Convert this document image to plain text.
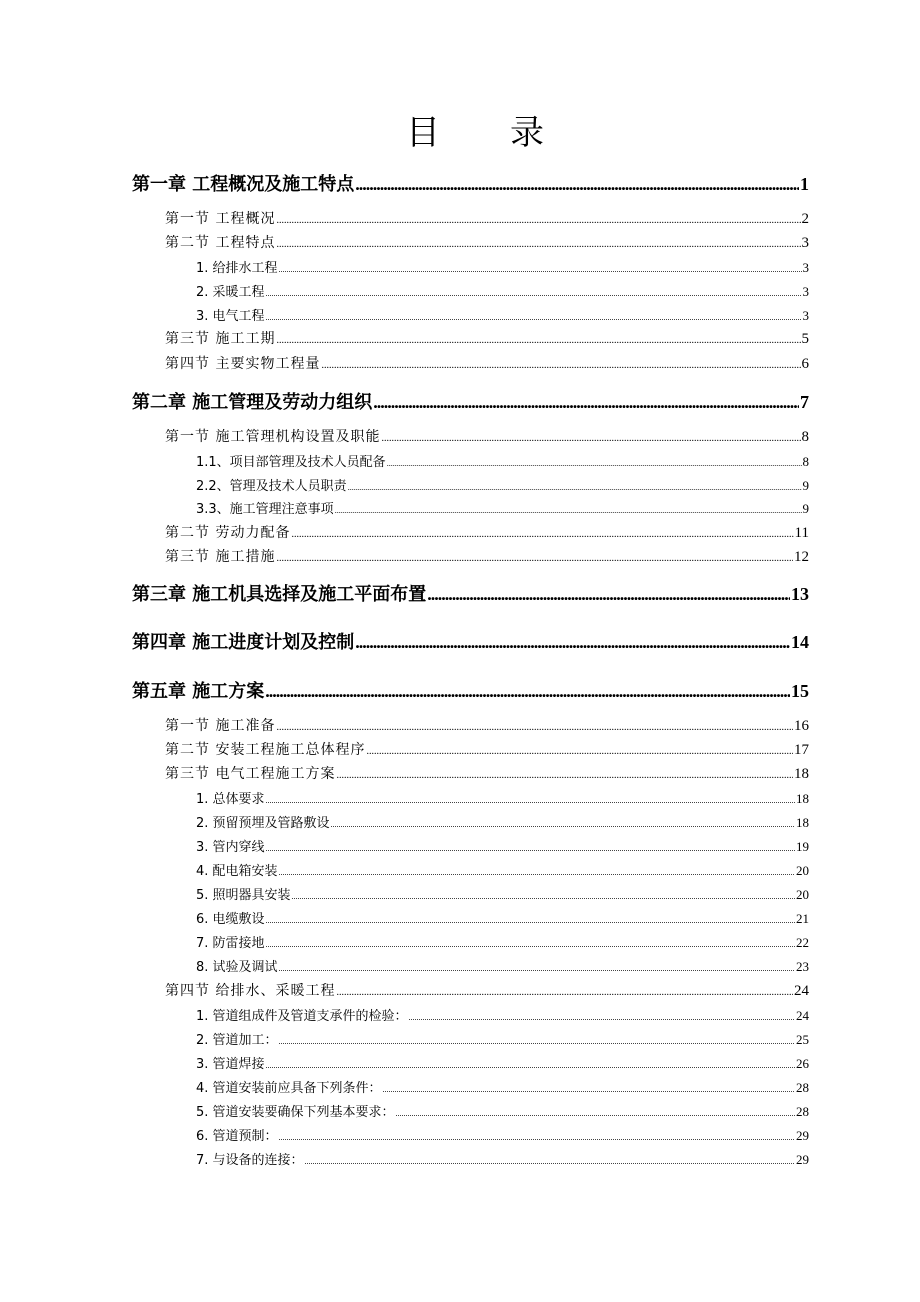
目录
第一章 工程概况及施工特点 .....	1
第一节 工程概况 .....	2
第二节 工程特点 .....	3
1. 给排水工程 .....	3
2. 采暖工程 .....	3
3. 电气工程 .....	3
第三节 施工工期 .....	5
第四节 主要实物工程量 .....	6
第二章 施工管理及劳动力组织 .....	7
第一节 施工管理机构设置及职能 .....	8
1.1、项目部管理及技术人员配备 .....	8
2.2、管理及技术人员职责 .....	9
3.3、施工管理注意事项 .....	9
第二节 劳动力配备 .....	11
第三节 施工措施 .....	12
第三章 施工机具选择及施工平面布置 .....	13
第四章 施工进度计划及控制 .....	14
第五章 施工方案 .....	15
第一节 施工准备 .....	16
第二节 安装工程施工总体程序 .....	17
第三节 电气工程施工方案 .....	18
1. 总体要求 .....	18
2. 预留预埋及管路敷设 .....	18
3. 管内穿线 .....	19
4. 配电箱安装 .....	20
5. 照明器具安装 .....	20
6. 电缆敷设 .....	21
7. 防雷接地 .....	22
8. 试验及调试 .....	23
第四节 给排水、采暖工程 .....	24
1. 管道组成件及管道支承件的检验： .....	24
2. 管道加工： .....	25
3. 管道焊接 .....	26
4. 管道安装前应具备下列条件： .....	28
5. 管道安装要确保下列基本要求： .....	28
6. 管道预制： .....	29
7. 与设备的连接： .....	29
